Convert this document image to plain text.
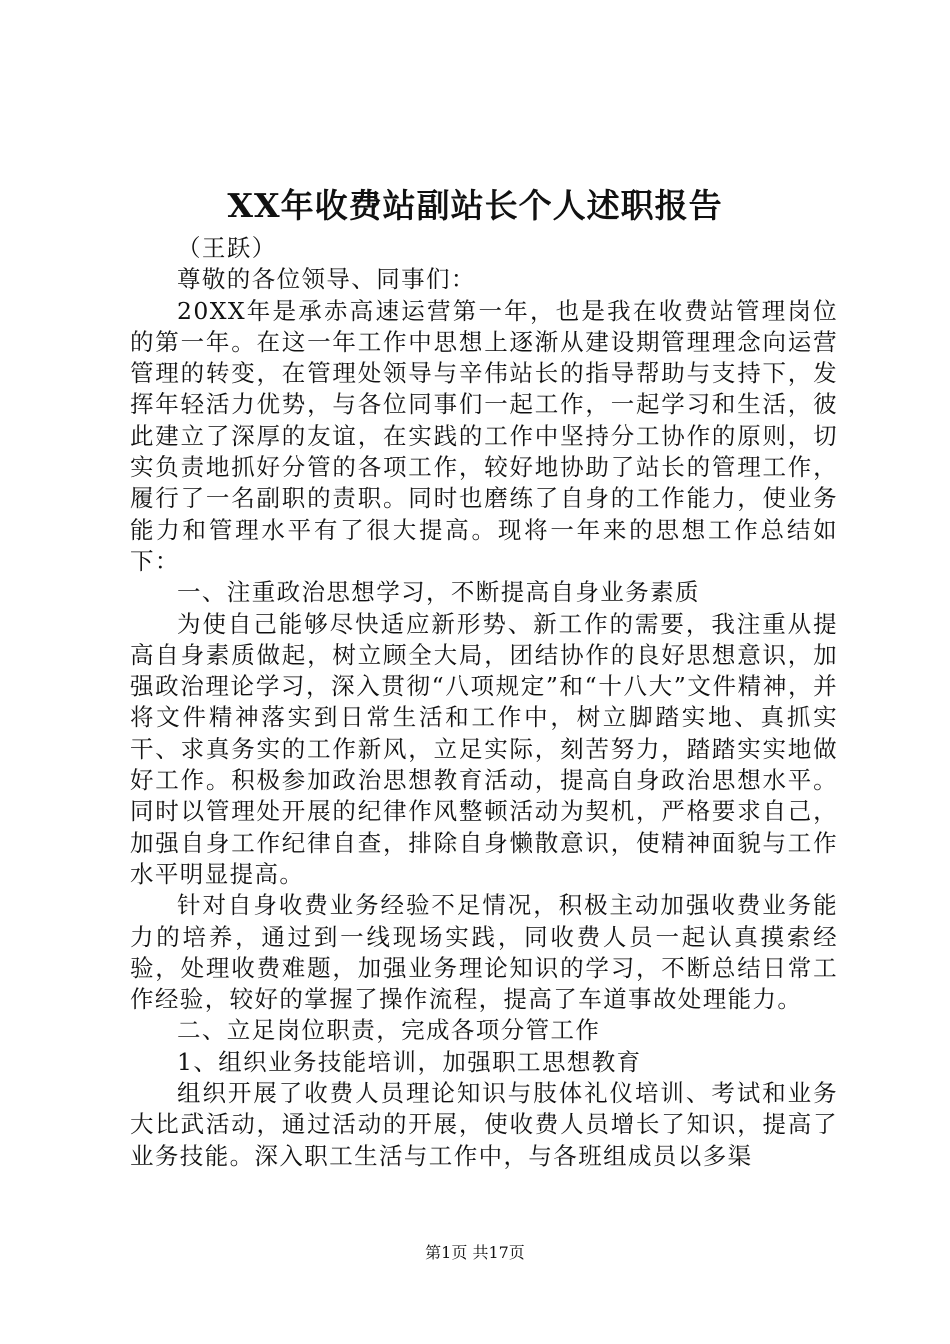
XX年收费站副站长个人述职报告

（王跃）

尊敬的各位领导、同事们：

20XX年是承赤高速运营第一年，也是我在收费站管理岗位的第一年。在这一年工作中思想上逐渐从建设期管理理念向运营管理的转变，在管理处领导与辛伟站长的指导帮助与支持下，发挥年轻活力优势，与各位同事们一起工作，一起学习和生活，彼此建立了深厚的友谊，在实践的工作中坚持分工协作的原则，切实负责地抓好分管的各项工作，较好地协助了站长的管理工作，履行了一名副职的责职。同时也磨练了自身的工作能力，使业务能力和管理水平有了很大提高。现将一年来的思想工作总结如下：

一、注重政治思想学习，不断提高自身业务素质

为使自己能够尽快适应新形势、新工作的需要，我注重从提高自身素质做起，树立顾全大局，团结协作的良好思想意识，加强政治理论学习，深入贯彻“八项规定”和“十八大”文件精神，并将文件精神落实到日常生活和工作中，树立脚踏实地、真抓实干、求真务实的工作新风，立足实际，刻苦努力，踏踏实实地做好工作。积极参加政治思想教育活动，提高自身政治思想水平。同时以管理处开展的纪律作风整顿活动为契机，严格要求自己，加强自身工作纪律自查，排除自身懒散意识，使精神面貌与工作水平明显提高。

针对自身收费业务经验不足情况，积极主动加强收费业务能力的培养，通过到一线现场实践，同收费人员一起认真摸索经验，处理收费难题，加强业务理论知识的学习，不断总结日常工作经验，较好的掌握了操作流程，提高了车道事故处理能力。

二、立足岗位职责，完成各项分管工作

1、组织业务技能培训，加强职工思想教育

组织开展了收费人员理论知识与肢体礼仪培训、考试和业务大比武活动，通过活动的开展，使收费人员增长了知识，提高了业务技能。深入职工生活与工作中，与各班组成员以多渠

第1页 共17页
